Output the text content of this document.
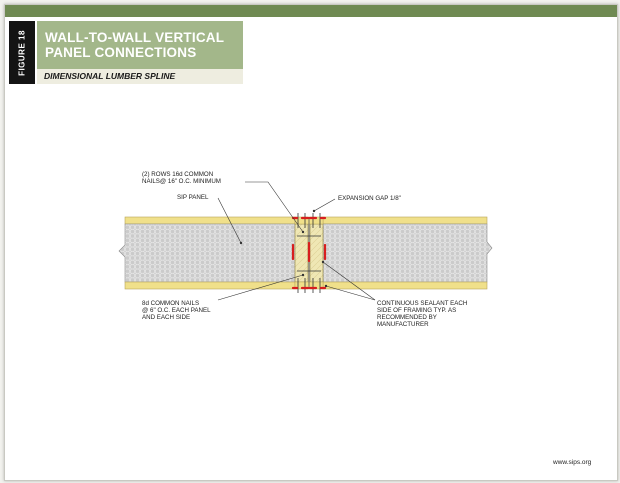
FIGURE 18 WALL-TO-WALL VERTICAL
PANEL CONNECTIONS
DIMENSIONAL LUMBER SPLINE
(2) ROWS 16d COMMON
NAILS@ 16" O.C. MINIMUM
SIP PANEL	EXPANSION GAP 1/8"
8d COMMON NAILS
@ 6" O.C. EACH PANEL
AND EACH SIDE
CONTINUOUS SEALANT EACH
SIDE OF FRAMING TYP. AS
RECOMMENDED BY
MANUFACTURER
www.sips.org
